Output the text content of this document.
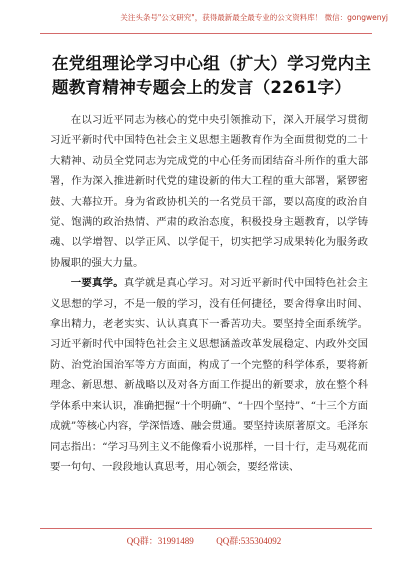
关注头条号"公文研究"，获得最新最全最专业的公文资料库！ 微信：gongwenyj
在党组理论学习中心组（扩大）学习党内主题教育精神专题会上的发言（2261字）

在以习近平同志为核心的党中央引领推动下，深入开展学习贯彻习近平新时代中国特色社会主义思想主题教育作为全面贯彻党的二十大精神、动员全党同志为完成党的中心任务而团结奋斗所作的重大部署，作为深入推进新时代党的建设新的伟大工程的重大部署，紧锣密鼓、大幕拉开。身为省政协机关的一名党员干部，要以高度的政治自觉、饱满的政治热情、严肃的政治态度，积极投身主题教育，以学铸魂、以学增智、以学正风、以学促干，切实把学习成果转化为服务政协履职的强大力量。

一要真学。真学就是真心学习。对习近平新时代中国特色社会主义思想的学习，不是一般的学习，没有任何捷径，要舍得拿出时间、拿出精力，老老实实、认认真真下一番苦功夫。要坚持全面系统学。习近平新时代中国特色社会主义思想涵盖改革发展稳定、内政外交国防、治党治国治军等方方面面，构成了一个完整的科学体系，要将新理念、新思想、新战略以及对各方面工作提出的新要求，放在整个科学体系中来认识，准确把握“十个明确”、“十四个坚持”、“十三个方面成就”等核心内容，学深悟透、融会贯通。要坚持读原著原文。毛泽东同志指出：“学习马列主义不能像看小说那样，一目十行，走马观花而要一句句、一段段地认真思考，用心领会，要经常读、

QQ群：31991489          QQ群:535304092
